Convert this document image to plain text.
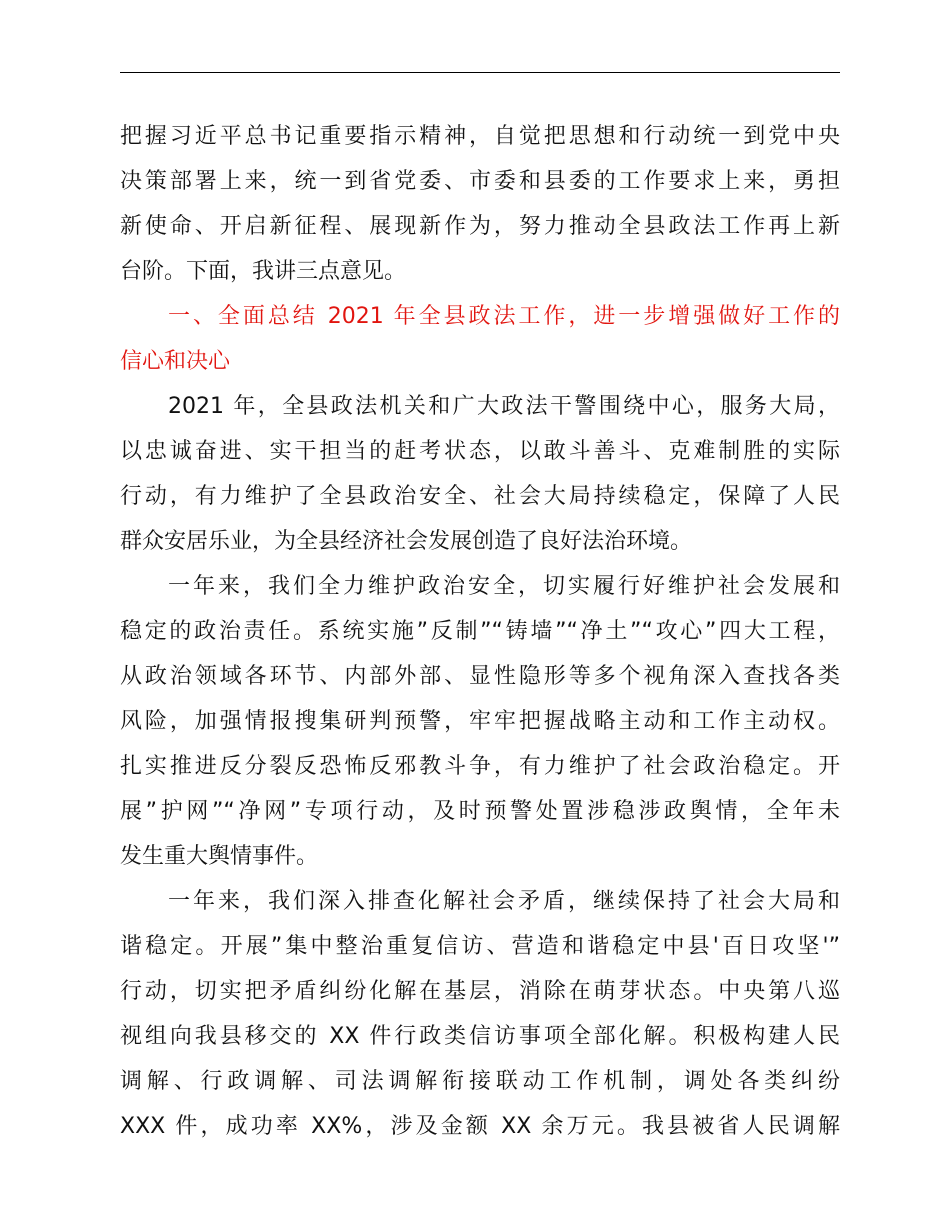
把握习近平总书记重要指示精神，自觉把思想和行动统一到党中央
决策部署上来，统一到省党委、市委和县委的工作要求上来，勇担
新使命、开启新征程、展现新作为，努力推动全县政法工作再上新
台阶。下面，我讲三点意见。
一、全面总结 2021 年全县政法工作，进一步增强做好工作的
信心和决心
2021 年，全县政法机关和广大政法干警围绕中心，服务大局，
以忠诚奋进、实干担当的赶考状态，以敢斗善斗、克难制胜的实际
行动，有力维护了全县政治安全、社会大局持续稳定，保障了人民
群众安居乐业，为全县经济社会发展创造了良好法治环境。
一年来，我们全力维护政治安全，切实履行好维护社会发展和
稳定的政治责任。系统实施”反制”“铸墙”“净土”“攻心”四大工程，
从政治领域各环节、内部外部、显性隐形等多个视角深入查找各类
风险，加强情报搜集研判预警，牢牢把握战略主动和工作主动权。
扎实推进反分裂反恐怖反邪教斗争，有力维护了社会政治稳定。开
展”护网”“净网”专项行动，及时预警处置涉稳涉政舆情，全年未
发生重大舆情事件。
一年来，我们深入排查化解社会矛盾，继续保持了社会大局和
谐稳定。开展”集中整治重复信访、营造和谐稳定中县'百日攻坚'”
行动，切实把矛盾纠纷化解在基层，消除在萌芽状态。中央第八巡
视组向我县移交的 XX 件行政类信访事项全部化解。积极构建人民
调解、行政调解、司法调解衔接联动工作机制，调处各类纠纷
XXX 件，成功率 XX%，涉及金额 XX 余万元。我县被省人民调解
